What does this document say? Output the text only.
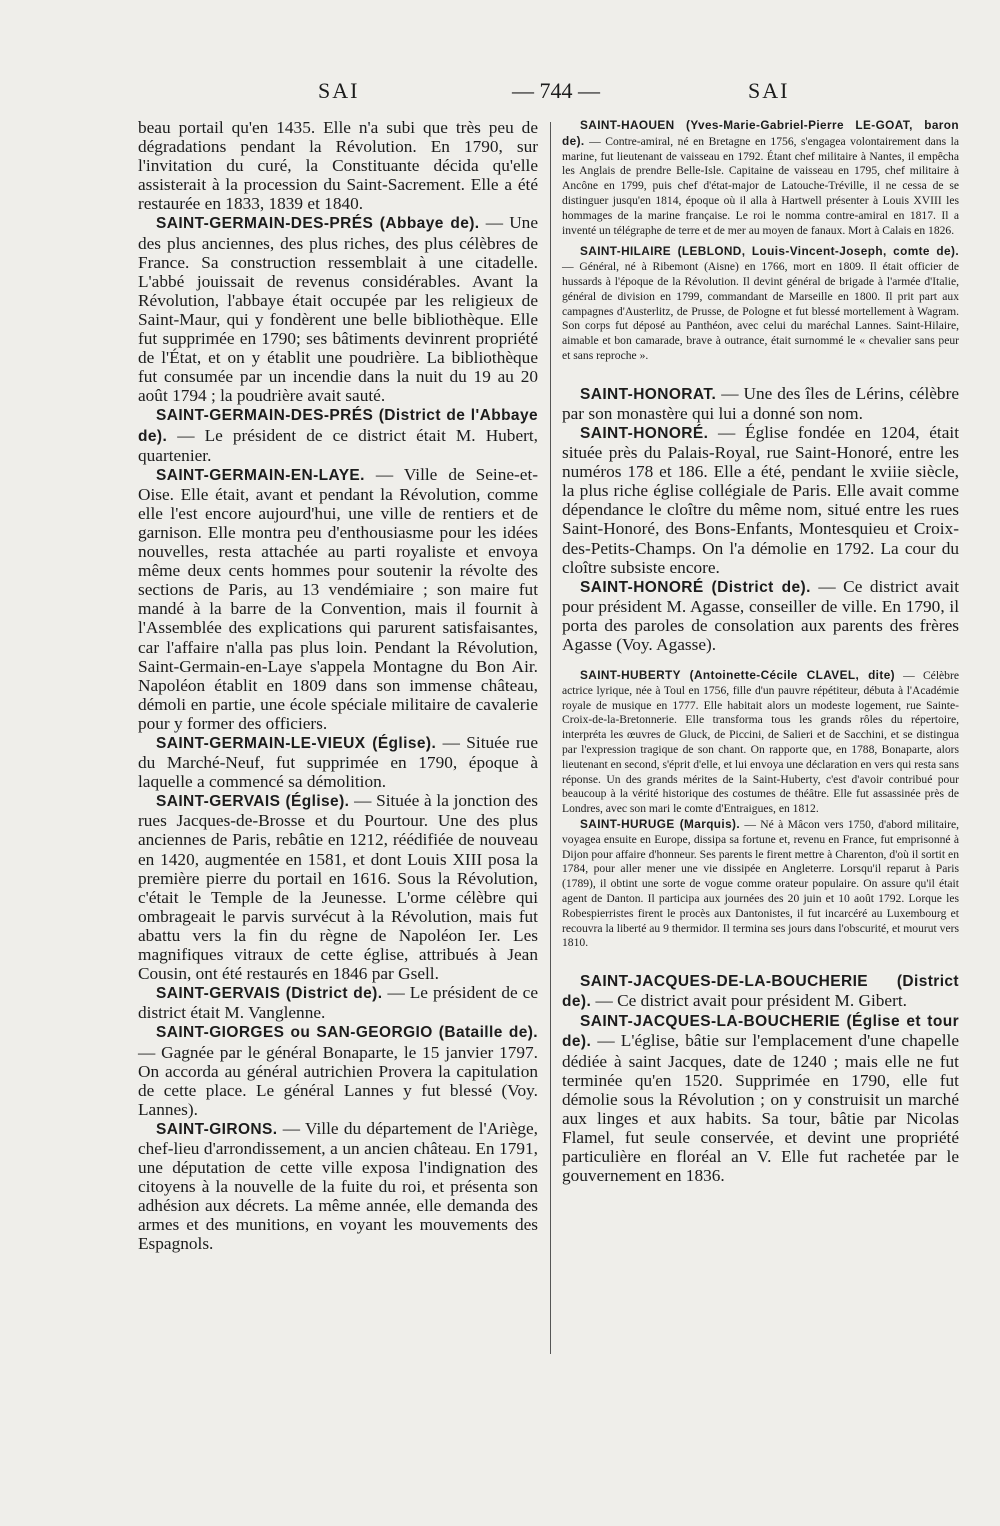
SAI	— 744 —	SAI

beau portail qu'en 1435. Elle n'a subi que très peu de dégradations pendant la Révolution. En 1790, sur l'invitation du curé, la Constituante décida qu'elle assisterait à la procession du Saint-Sacrement. Elle a été restaurée en 1833, 1839 et 1840.

SAINT-GERMAIN-DES-PRÉS (Abbaye de). — Une des plus anciennes, des plus riches, des plus célèbres de France. Sa construction ressemblait à une citadelle. L'abbé jouissait de revenus considérables. Avant la Révolution, l'abbaye était occupée par les religieux de Saint-Maur, qui y fondèrent une belle bibliothèque. Elle fut supprimée en 1790; ses bâtiments devinrent propriété de l'État, et on y établit une poudrière. La bibliothèque fut consumée par un incendie dans la nuit du 19 au 20 août 1794 ; la poudrière avait sauté.

SAINT-GERMAIN-DES-PRÉS (District de l'Abbaye de). — Le président de ce district était M. Hubert, quartenier.

SAINT-GERMAIN-EN-LAYE. — Ville de Seine-et-Oise. Elle était, avant et pendant la Révolution, comme elle l'est encore aujourd'hui, une ville de rentiers et de garnison. Elle montra peu d'enthousiasme pour les idées nouvelles, resta attachée au parti royaliste et envoya même deux cents hommes pour soutenir la révolte des sections de Paris, au 13 vendémiaire ; son maire fut mandé à la barre de la Convention, mais il fournit à l'Assemblée des explications qui parurent satisfaisantes, car l'affaire n'alla pas plus loin. Pendant la Révolution, Saint-Germain-en-Laye s'appela Montagne du Bon Air. Napoléon établit en 1809 dans son immense château, démoli en partie, une école spéciale militaire de cavalerie pour y former des officiers.

SAINT-GERMAIN-LE-VIEUX (Église). — Située rue du Marché-Neuf, fut supprimée en 1790, époque à laquelle a commencé sa démolition.

SAINT-GERVAIS (Église). — Située à la jonction des rues Jacques-de-Brosse et du Pourtour. Une des plus anciennes de Paris, rebâtie en 1212, réédifiée de nouveau en 1420, augmentée en 1581, et dont Louis XIII posa la première pierre du portail en 1616. Sous la Révolution, c'était le Temple de la Jeunesse. L'orme célèbre qui ombrageait le parvis survécut à la Révolution, mais fut abattu vers la fin du règne de Napoléon Ier. Les magnifiques vitraux de cette église, attribués à Jean Cousin, ont été restaurés en 1846 par Gsell.

SAINT-GERVAIS (District de). — Le président de ce district était M. Vanglenne.

SAINT-GIORGES ou SAN-GEORGIO (Bataille de). — Gagnée par le général Bonaparte, le 15 janvier 1797. On accorda au général autrichien Provera la capitulation de cette place. Le général Lannes y fut blessé (Voy. Lannes).

SAINT-GIRONS. — Ville du département de l'Ariège, chef-lieu d'arrondissement, a un ancien château. En 1791, une députation de cette ville exposa l'indignation des citoyens à la nouvelle de la fuite du roi, et présenta son adhésion aux décrets. La même année, elle demanda des armes et des munitions, en voyant les mouvements des Espagnols.

SAINT-HAOUEN (Yves-Marie-Gabriel-Pierre LE-GOAT, baron de). — Contre-amiral, né en Bretagne en 1756, s'engagea volontairement dans la marine, fut lieutenant de vaisseau en 1792. Étant chef militaire à Nantes, il empêcha les Anglais de prendre Belle-Isle. Capitaine de vaisseau en 1795, chef militaire à Ancône en 1799, puis chef d'état-major de Latouche-Tréville, il ne cessa de se distinguer jusqu'en 1814, époque où il alla à Hartwell présenter à Louis XVIII les hommages de la marine française. Le roi le nomma contre-amiral en 1817. Il a inventé un télégraphe de terre et de mer au moyen de fanaux. Mort à Calais en 1826.

SAINT-HILAIRE (LEBLOND, Louis-Vincent-Joseph, comte de). — Général, né à Ribemont (Aisne) en 1766, mort en 1809. Il était officier de hussards à l'époque de la Révolution. Il devint général de brigade à l'armée d'Italie, général de division en 1799, commandant de Marseille en 1800. Il prit part aux campagnes d'Austerlitz, de Prusse, de Pologne et fut blessé mortellement à Wagram. Son corps fut déposé au Panthéon, avec celui du maréchal Lannes. Saint-Hilaire, aimable et bon camarade, brave à outrance, était surnommé le « chevalier sans peur et sans reproche ».

SAINT-HONORAT. — Une des îles de Lérins, célèbre par son monastère qui lui a donné son nom.

SAINT-HONORÉ. — Église fondée en 1204, était située près du Palais-Royal, rue Saint-Honoré, entre les numéros 178 et 186. Elle a été, pendant le xviiie siècle, la plus riche église collégiale de Paris. Elle avait comme dépendance le cloître du même nom, situé entre les rues Saint-Honoré, des Bons-Enfants, Montesquieu et Croix-des-Petits-Champs. On l'a démolie en 1792. La cour du cloître subsiste encore.

SAINT-HONORÉ (District de). — Ce district avait pour président M. Agasse, conseiller de ville. En 1790, il porta des paroles de consolation aux parents des frères Agasse (Voy. Agasse).

SAINT-HUBERTY (Antoinette-Cécile CLAVEL, dite) — Célèbre actrice lyrique, née à Toul en 1756, fille d'un pauvre répétiteur, débuta à l'Académie royale de musique en 1777. Elle habitait alors un modeste logement, rue Sainte-Croix-de-la-Bretonnerie. Elle transforma tous les grands rôles du répertoire, interpréta les œuvres de Gluck, de Piccini, de Salieri et de Sacchini, et se distingua par l'expression tragique de son chant. On rapporte que, en 1788, Bonaparte, alors lieutenant en second, s'éprit d'elle, et lui envoya une déclaration en vers qui resta sans réponse. Un des grands mérites de la Saint-Huberty, c'est d'avoir contribué pour beaucoup à la vérité historique des costumes de théâtre. Elle fut assassinée près de Londres, avec son mari le comte d'Entraigues, en 1812.

SAINT-HURUGE (Marquis). — Né à Mâcon vers 1750, d'abord militaire, voyagea ensuite en Europe, dissipa sa fortune et, revenu en France, fut emprisonné à Dijon pour affaire d'honneur. Ses parents le firent mettre à Charenton, d'où il sortit en 1784, pour aller mener une vie dissipée en Angleterre. Lorsqu'il reparut à Paris (1789), il obtint une sorte de vogue comme orateur populaire. On assure qu'il était agent de Danton. Il participa aux journées des 20 juin et 10 août 1792. Lorque les Robespierristes firent le procès aux Dantonistes, il fut incarcéré au Luxembourg et recouvra la liberté au 9 thermidor. Il termina ses jours dans l'obscurité, et mourut vers 1810.

SAINT-JACQUES-DE-LA-BOUCHERIE (District de). — Ce district avait pour président M. Gibert.

SAINT-JACQUES-LA-BOUCHERIE (Église et tour de). — L'église, bâtie sur l'emplacement d'une chapelle dédiée à saint Jacques, date de 1240 ; mais elle ne fut terminée qu'en 1520. Supprimée en 1790, elle fut démolie sous la Révolution ; on y construisit un marché aux linges et aux habits. Sa tour, bâtie par Nicolas Flamel, fut seule conservée, et devint une propriété particulière en floréal an V. Elle fut rachetée par le gouvernement en 1836.
